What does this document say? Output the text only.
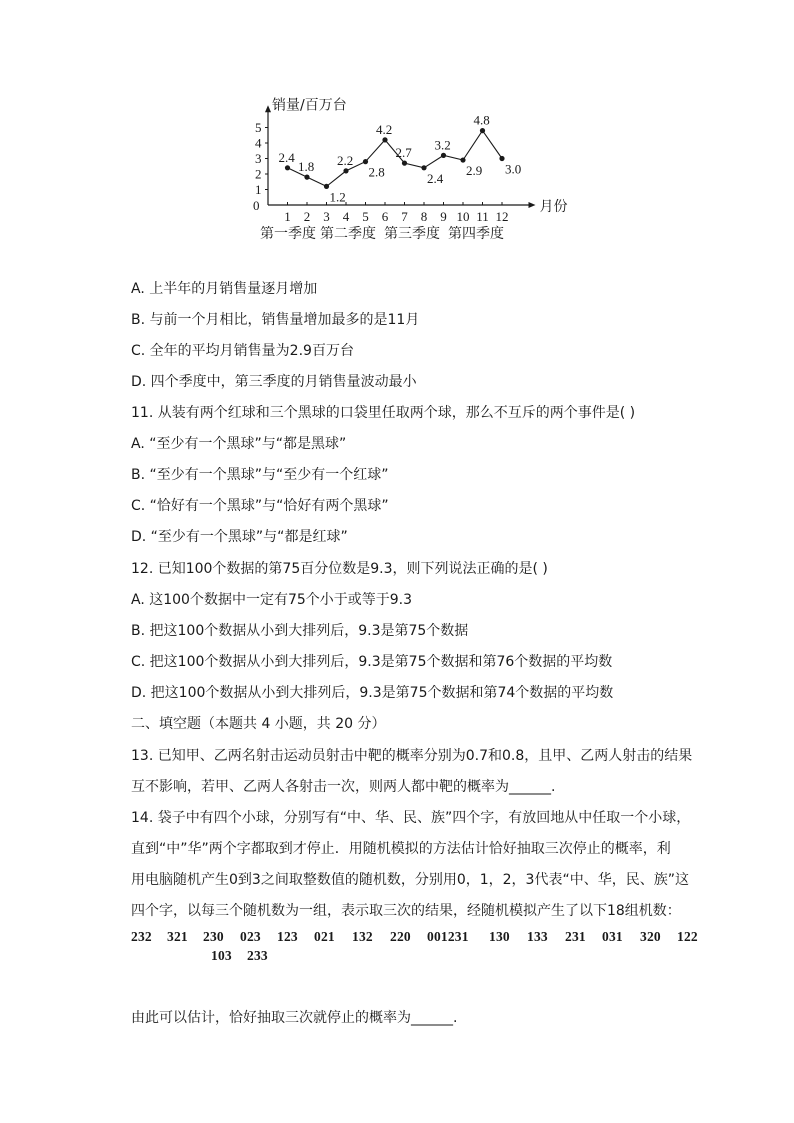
销量/百万台
月份
0
1
2
3
4
5
1 2 3 4 5 6 7 8 9 10 11 12
2.4
1.8
1.2
2.2
2.8
4.2
2.7
2.4
3.2
2.9
4.8
3.0
第一季度 第二季度 第三季度 第四季度
A. 上半年的月销售量逐月增加
B. 与前一个月相比，销售量增加最多的是11月
C. 全年的平均月销售量为2.9百万台
D. 四个季度中，第三季度的月销售量波动最小
11. 从装有两个红球和三个黑球的口袋里任取两个球，那么不互斥的两个事件是( )
A. “至少有一个黑球”与“都是黑球”
B. “至少有一个黑球”与“至少有一个红球”
C. “恰好有一个黑球”与“恰好有两个黑球”
D. “至少有一个黑球”与“都是红球”
12. 已知100个数据的第75百分位数是9.3，则下列说法正确的是( )
A. 这100个数据中一定有75个小于或等于9.3
B. 把这100个数据从小到大排列后，9.3是第75个数据
C. 把这100个数据从小到大排列后，9.3是第75个数据和第76个数据的平均数
D. 把这100个数据从小到大排列后，9.3是第75个数据和第74个数据的平均数
二、填空题（本题共 4 小题，共 20 分）
13. 已知甲、乙两名射击运动员射击中靶的概率分别为0.7和0.8，且甲、乙两人射击的结果
互不影响，若甲、乙两人各射击一次，则两人都中靶的概率为______.
14. 袋子中有四个小球，分别写有“中、华、民、族”四个字，有放回地从中任取一个小球，
直到“中”华”两个字都取到才停止．用随机模拟的方法估计恰好抽取三次停止的概率，利
用电脑随机产生0到3之间取整数值的随机数，分别用0，1，2，3代表“中、华，民、族”这
四个字，以每三个随机数为一组，表示取三次的结果，经随机模拟产生了以下18组机数：
232 321 230 023 123 021 132 220 001231 130 133 231 031 320 122
103 233
由此可以估计，恰好抽取三次就停止的概率为______.
